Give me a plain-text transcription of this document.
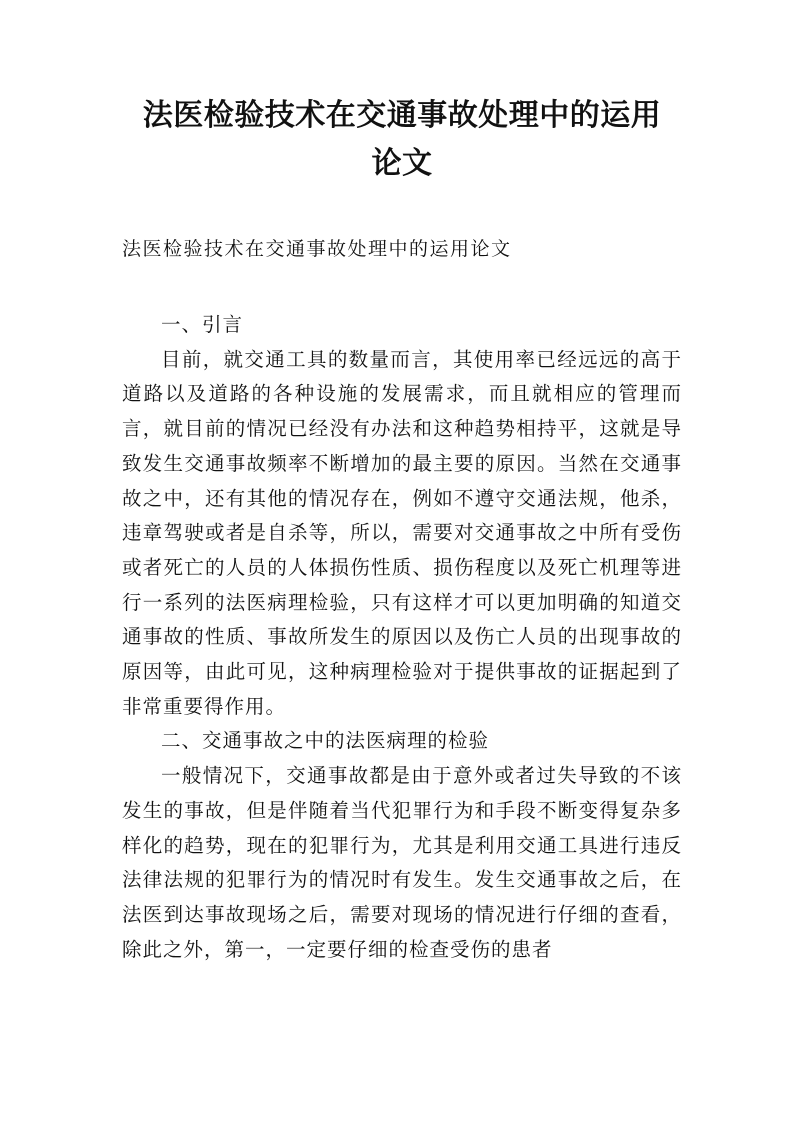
法医检验技术在交通事故处理中的运用论文
法医检验技术在交通事故处理中的运用论文

一、引言

目前，就交通工具的数量而言，其使用率已经远远的高于道路以及道路的各种设施的发展需求，而且就相应的管理而言，就目前的情况已经没有办法和这种趋势相持平，这就是导致发生交通事故频率不断增加的最主要的原因。当然在交通事故之中，还有其他的情况存在，例如不遵守交通法规，他杀，违章驾驶或者是自杀等，所以，需要对交通事故之中所有受伤或者死亡的人员的人体损伤性质、损伤程度以及死亡机理等进行一系列的法医病理检验，只有这样才可以更加明确的知道交通事故的性质、事故所发生的原因以及伤亡人员的出现事故的原因等，由此可见，这种病理检验对于提供事故的证据起到了非常重要得作用。

二、交通事故之中的法医病理的检验

一般情况下，交通事故都是由于意外或者过失导致的不该发生的事故，但是伴随着当代犯罪行为和手段不断变得复杂多样化的趋势，现在的犯罪行为，尤其是利用交通工具进行违反法律法规的犯罪行为的情况时有发生。发生交通事故之后，在法医到达事故现场之后，需要对现场的情况进行仔细的查看，除此之外，第一，一定要仔细的检查受伤的患者
